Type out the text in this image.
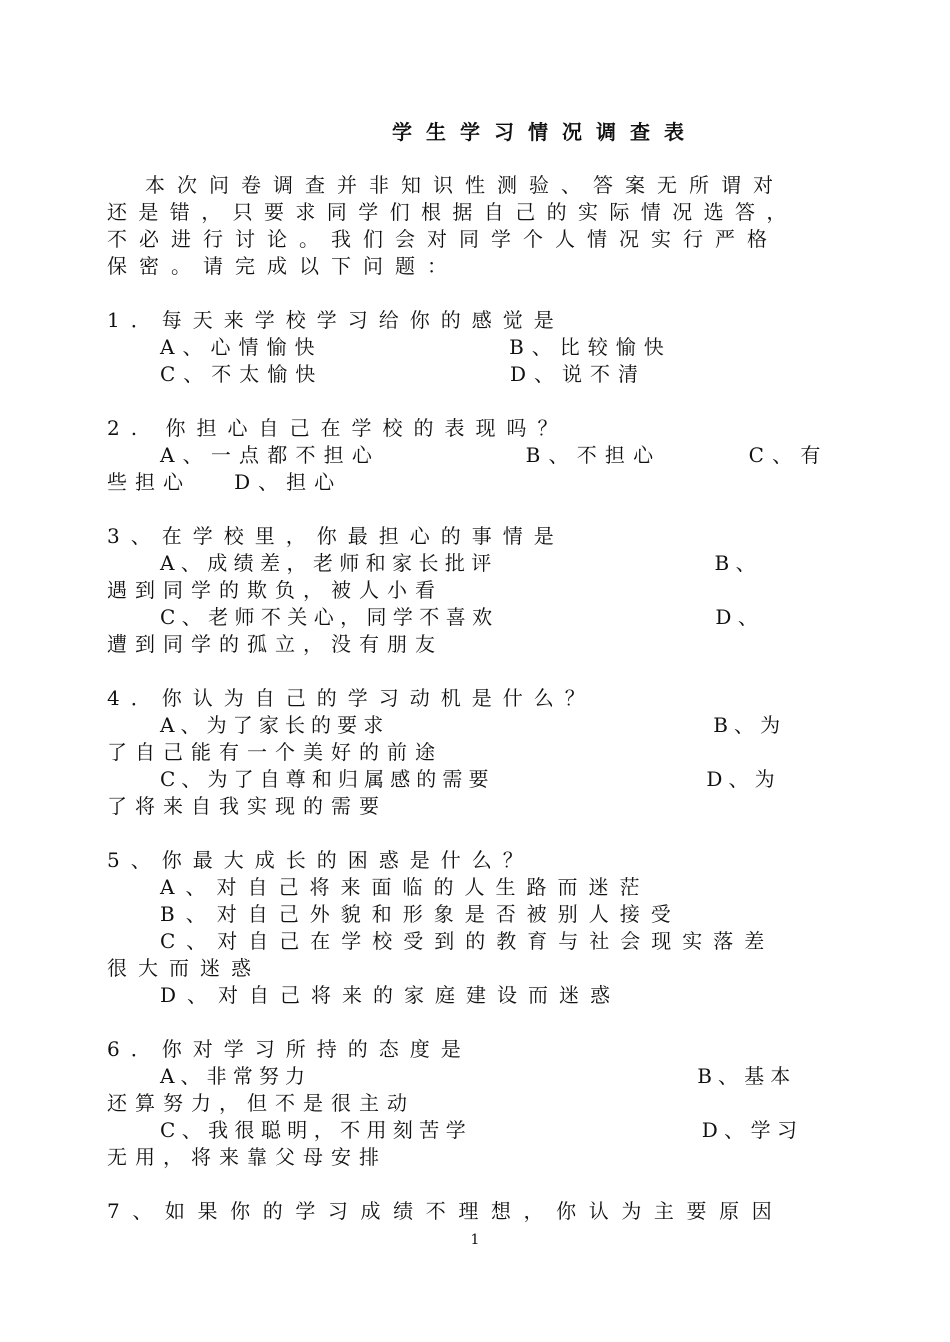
学生学习情况调查表
本次问卷调查并非知识性测验、答案无所谓对
还是错，只要求同学们根据自己的实际情况选答，
不必进行讨论。我们会对同学个人情况实行严格
保密。请完成以下问题：
1．每天来学校学习给你的感觉是
A、心情愉快             B、比较愉快
C、不太愉快             D、说不清
2. 你担心自己在学校的表现吗？
A、一点都不担心          B、不担心      C、有
些担心   D、担心
3、在学校里，你最担心的事情是
A、成绩差，老师和家长批评                 B、
遇到同学的欺负，被人小看
C、老师不关心，同学不喜欢                 D、
遭到同学的孤立，没有朋友
4．你认为自己的学习动机是什么？
A、为了家长的要求                          B、为
了自己能有一个美好的前途
C、为了自尊和归属感的需要                 D、为
了将来自我实现的需要
5、你最大成长的困惑是什么？
A、对自己将来面临的人生路而迷茫
B、对自己外貌和形象是否被别人接受
C、对自己在学校受到的教育与社会现实落差
很大而迷惑
D、对自己将来的家庭建设而迷惑
6．你对学习所持的态度是
A、非常努力                               B、基本
还算努力，但不是很主动
C、我很聪明，不用刻苦学                  D、学习
无用，将来靠父母安排
7、如果你的学习成绩不理想，你认为主要原因
1
